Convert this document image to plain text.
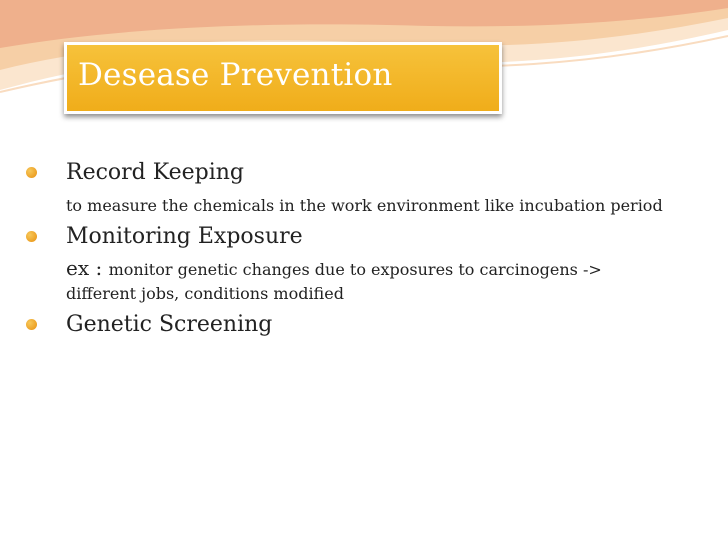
Desease Prevention
Record Keeping
to measure the chemicals in the work environment like incubation period
Monitoring Exposure
ex : monitor genetic changes due to exposures to carcinogens -> different jobs, conditions modified
Genetic Screening
